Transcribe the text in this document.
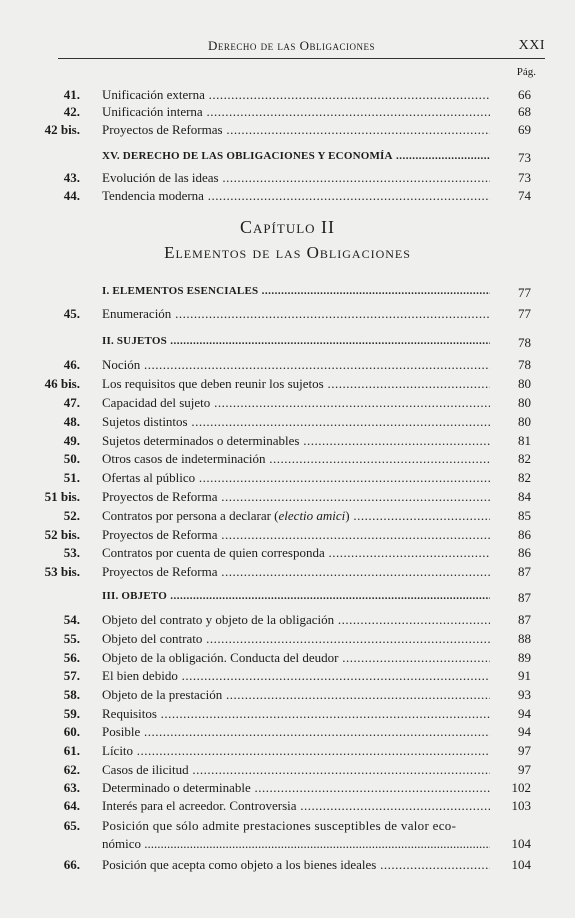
Derecho de las Obligaciones	XXI
Pág.
41. Unificación externa .....	66
42. Unificación interna .....	68
42 bis. Proyectos de Reformas .....	69
XV. DERECHO DE LAS OBLIGACIONES Y ECONOMÍA .....	73
43. Evolución de las ideas .....	73
44. Tendencia moderna .....	74
Capítulo II
Elementos de las Obligaciones
I. ELEMENTOS ESENCIALES .....	77
45. Enumeración .....	77
II. SUJETOS .....	78
46. Noción .....	78
46 bis. Los requisitos que deben reunir los sujetos .....	80
47. Capacidad del sujeto .....	80
48. Sujetos distintos .....	80
49. Sujetos determinados o determinables .....	81
50. Otros casos de indeterminación .....	82
51. Ofertas al público .....	82
51 bis. Proyectos de Reforma .....	84
52. Contratos por persona a declarar (electio amici) .....	85
52 bis. Proyectos de Reforma .....	86
53. Contratos por cuenta de quien corresponda .....	86
53 bis. Proyectos de Reforma .....	87
III. OBJETO .....	87
54. Objeto del contrato y objeto de la obligación .....	87
55. Objeto del contrato .....	88
56. Objeto de la obligación. Conducta del deudor .....	89
57. El bien debido .....	91
58. Objeto de la prestación .....	93
59. Requisitos .....	94
60. Posible .....	94
61. Lícito .....	97
62. Casos de ilicitud .....	97
63. Determinado o determinable .....	102
64. Interés para el acreedor. Controversia .....	103
65. Posición que sólo admite prestaciones susceptibles de valor eco-
nómico .....	104
66. Posición que acepta como objeto a los bienes ideales .....	104
